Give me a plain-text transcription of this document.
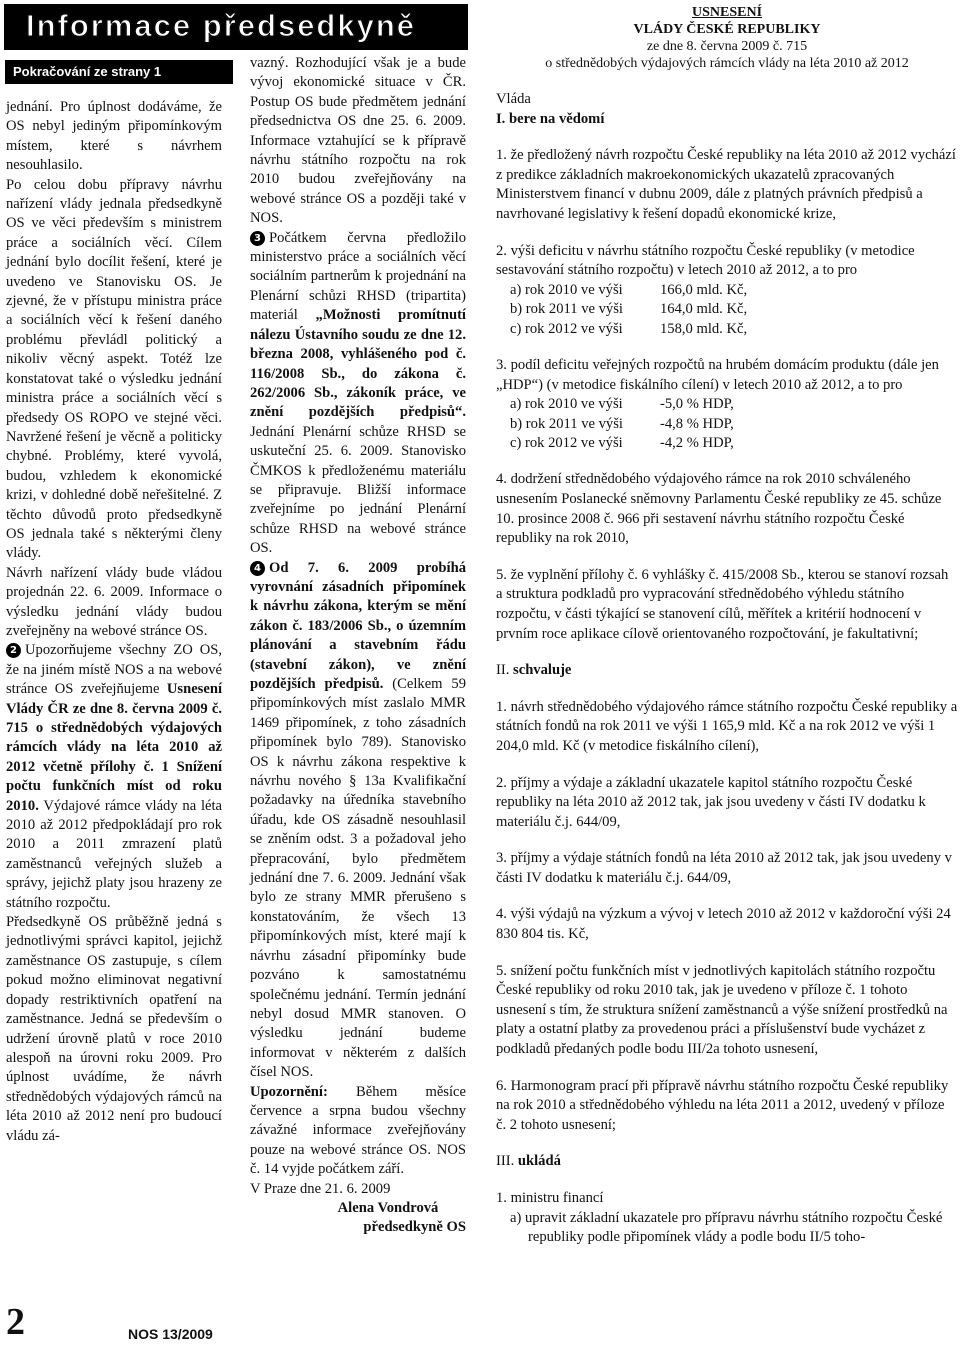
Informace předsedkyně
Pokračování ze strany 1

jednání. Pro úplnost dodáváme, že OS nebyl jediným připomínkovým místem, které s návrhem nesouhlasilo.

Po celou dobu přípravy návrhu nařízení vlády jednala předsedkyně OS ve věci především s ministrem práce a sociálních věcí. Cílem jednání bylo docílit řešení, které je uvedeno ve Stanovisku OS. Je zjevné, že v přístupu ministra práce a sociálních věcí k řešení daného problému převládl politický a nikoliv věcný aspekt. Totéž lze konstatovat také o výsledku jednání ministra práce a sociálních věcí s předsedy OS ROPO ve stejné věci. Navržené řešení je věcně a politicky chybné. Problémy, které vyvolá, budou, vzhledem k ekonomické krizi, v dohledné době neřešitelné. Z těchto důvodů proto předsedkyně OS jednala také s některými členy vlády.

Návrh nařízení vlády bude vládou projednán 22. 6. 2009. Informace o výsledku jednání vlády budou zveřejněny na webové stránce OS.

2 Upozorňujeme všechny ZO OS, že na jiném místě NOS a na webové stránce OS zveřejňujeme Usnesení Vlády ČR ze dne 8. června 2009 č. 715 o střednědobých výdajových rámcích vlády na léta 2010 až 2012 včetně přílohy č. 1 Snížení počtu funkčních míst od roku 2010. Výdajové rámce vlády na léta 2010 až 2012 předpokládají pro rok 2010 a 2011 zmrazení platů zaměstnanců veřejných služeb a správy, jejichž platy jsou hrazeny ze státního rozpočtu.

Předsedkyně OS průběžně jedná s jednotlivými správci kapitol, jejichž zaměstnance OS zastupuje, s cílem pokud možno eliminovat negativní dopady restriktivních opatření na zaměstnance. Jedná se především o udržení úrovně platů v roce 2010 alespoň na úrovni roku 2009. Pro úplnost uvádíme, že návrh střednědobých výdajových rámců na léta 2010 až 2012 není pro budoucí vládu zá-

vazný. Rozhodující však je a bude vývoj ekonomické situace v ČR. Postup OS bude předmětem jednání předsednictva OS dne 25. 6. 2009. Informace vztahující se k přípravě návrhu státního rozpočtu na rok 2010 budou zveřejňovány na webové stránce OS a později také v NOS.

3 Počátkem června předložilo ministerstvo práce a sociálních věcí sociálním partnerům k projednání na Plenární schůzi RHSD (tripartita) materiál „Možnosti promítnutí nálezu Ústavního soudu ze dne 12. března 2008, vyhlášeného pod č. 116/2008 Sb., do zákona č. 262/2006 Sb., zákoník práce, ve znění pozdějších předpisů“. Jednání Plenární schůze RHSD se uskuteční 25. 6. 2009. Stanovisko ČMKOS k předloženému materiálu se připravuje. Bližší informace zveřejníme po jednání Plenární schůze RHSD na webové stránce OS.

4 Od 7. 6. 2009 probíhá vyrovnání zásadních připomínek k návrhu zákona, kterým se mění zákon č. 183/2006 Sb., o územním plánování a stavebním řádu (stavební zákon), ve znění pozdějších předpisů. (Celkem 59 připomínkových míst zaslalo MMR 1469 připomínek, z toho zásadních připomínek bylo 789). Stanovisko OS k návrhu zákona respektive k návrhu nového § 13a Kvalifikační požadavky na úředníka stavebního úřadu, kde OS zásadně nesouhlasil se zněním odst. 3 a požadoval jeho přepracování, bylo předmětem jednání dne 7. 6. 2009. Jednání však bylo ze strany MMR přerušeno s konstatováním, že všech 13 připomínkových míst, které mají k návrhu zásadní připomínky bude pozváno k samostatnému společnému jednání. Termín jednání nebyl dosud MMR stanoven. O výsledku jednání budeme informovat v některém z dalších čísel NOS.

Upozornění: Během měsíce července a srpna budou všechny závažné informace zveřejňovány pouze na webové stránce OS. NOS č. 14 vyjde počátkem září.

V Praze dne 21. 6. 2009

Alena Vondrová

předsedkyně OS

USNESENÍ
VLÁDY ČESKÉ REPUBLIKY
ze dne 8. června 2009 č. 715
o střednědobých výdajových rámcích vlády na léta 2010 až 2012

Vláda

I. bere na vědomí

1. že předložený návrh rozpočtu České republiky na léta 2010 až 2012 vychází z predikce základních makroekonomických ukazatelů zpracovaných Ministerstvem financí v dubnu 2009, dále z platných právních předpisů a navrhované legislativy k řešení dopadů ekonomické krize,

2. výši deficitu v návrhu státního rozpočtu České republiky (v metodice sestavování státního rozpočtu) v letech 2010 až 2012, a to pro

a) rok 2010 ve výši	166,0 mld. Kč,
b) rok 2011 ve výši	164,0 mld. Kč,
c) rok 2012 ve výši	158,0 mld. Kč,

3. podíl deficitu veřejných rozpočtů na hrubém domácím produktu (dále jen „HDP“) (v metodice fiskálního cílení) v letech 2010 až 2012, a to pro

a) rok 2010 ve výši	-5,0 % HDP,
b) rok 2011 ve výši	-4,8 % HDP,
c) rok 2012 ve výši	-4,2 % HDP,

4. dodržení střednědobého výdajového rámce na rok 2010 schváleného usnesením Poslanecké sněmovny Parlamentu České republiky ze 45. schůze 10. prosince 2008 č. 966 při sestavení návrhu státního rozpočtu České republiky na rok 2010,

5. že vyplnění přílohy č. 6 vyhlášky č. 415/2008 Sb., kterou se stanoví rozsah a struktura podkladů pro vypracování střednědobého výhledu státního rozpočtu, v části týkající se stanovení cílů, měřítek a kritérií hodnocení v prvním roce aplikace cílově orientovaného rozpočtování, je fakultativní;

II. schvaluje

1. návrh střednědobého výdajového rámce státního rozpočtu České republiky a státních fondů na rok 2011 ve výši 1 165,9 mld. Kč a na rok 2012 ve výši 1 204,0 mld. Kč (v metodice fiskálního cílení),

2. příjmy a výdaje a základní ukazatele kapitol státního rozpočtu České republiky na léta 2010 až 2012 tak, jak jsou uvedeny v části IV dodatku k materiálu č.j. 644/09,

3. příjmy a výdaje státních fondů na léta 2010 až 2012 tak, jak jsou uvedeny v části IV dodatku k materiálu č.j. 644/09,

4. výši výdajů na výzkum a vývoj v letech 2010 až 2012 v každoroční výši 24 830 804 tis. Kč,

5. snížení počtu funkčních míst v jednotlivých kapitolách státního rozpočtu České republiky od roku 2010 tak, jak je uvedeno v příloze č. 1 tohoto usnesení s tím, že struktura snížení zaměstnanců a výše snížení prostředků na platy a ostatní platby za provedenou práci a příslušenství bude vycházet z podkladů předaných podle bodu III/2a tohoto usnesení,

6. Harmonogram prací při přípravě návrhu státního rozpočtu České republiky na rok 2010 a střednědobého výhledu na léta 2011 a 2012, uvedený v příloze č. 2 tohoto usnesení;

III. ukládá

1. ministru financí

a) upravit základní ukazatele pro přípravu návrhu státního rozpočtu České republiky podle připomínek vlády a podle bodu II/5 toho-

2	NOS 13/2009
